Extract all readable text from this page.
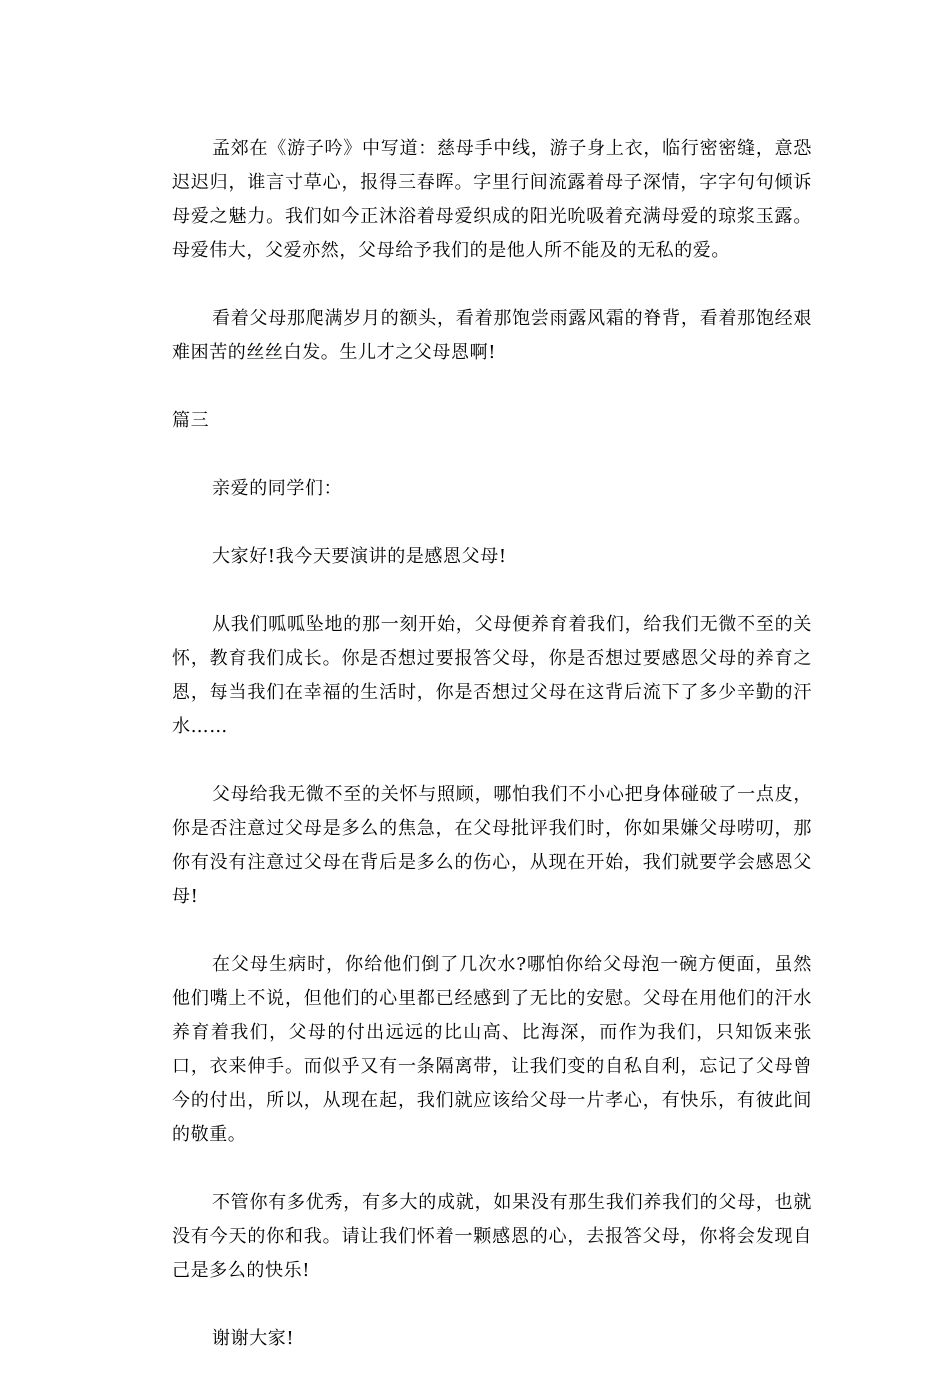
孟郊在《游子吟》中写道：慈母手中线，游子身上衣，临行密密缝，意恐迟迟归，谁言寸草心，报得三春晖。字里行间流露着母子深情，字字句句倾诉母爱之魅力。我们如今正沐浴着母爱织成的阳光吮吸着充满母爱的琼浆玉露。母爱伟大，父爱亦然，父母给予我们的是他人所不能及的无私的爱。

看着父母那爬满岁月的额头，看着那饱尝雨露风霜的脊背，看着那饱经艰难困苦的丝丝白发。生儿才之父母恩啊!

篇三

亲爱的同学们：

大家好!我今天要演讲的是感恩父母!

从我们呱呱坠地的那一刻开始，父母便养育着我们，给我们无微不至的关怀，教育我们成长。你是否想过要报答父母，你是否想过要感恩父母的养育之恩，每当我们在幸福的生活时，你是否想过父母在这背后流下了多少辛勤的汗水……

父母给我无微不至的关怀与照顾，哪怕我们不小心把身体碰破了一点皮，你是否注意过父母是多么的焦急，在父母批评我们时，你如果嫌父母唠叨，那你有没有注意过父母在背后是多么的伤心，从现在开始，我们就要学会感恩父母!

在父母生病时，你给他们倒了几次水?哪怕你给父母泡一碗方便面，虽然他们嘴上不说，但他们的心里都已经感到了无比的安慰。父母在用他们的汗水养育着我们，父母的付出远远的比山高、比海深，而作为我们，只知饭来张口，衣来伸手。而似乎又有一条隔离带，让我们变的自私自利，忘记了父母曾今的付出，所以，从现在起，我们就应该给父母一片孝心，有快乐，有彼此间的敬重。

不管你有多优秀，有多大的成就，如果没有那生我们养我们的父母，也就没有今天的你和我。请让我们怀着一颗感恩的心，去报答父母，你将会发现自己是多么的快乐!

谢谢大家!
